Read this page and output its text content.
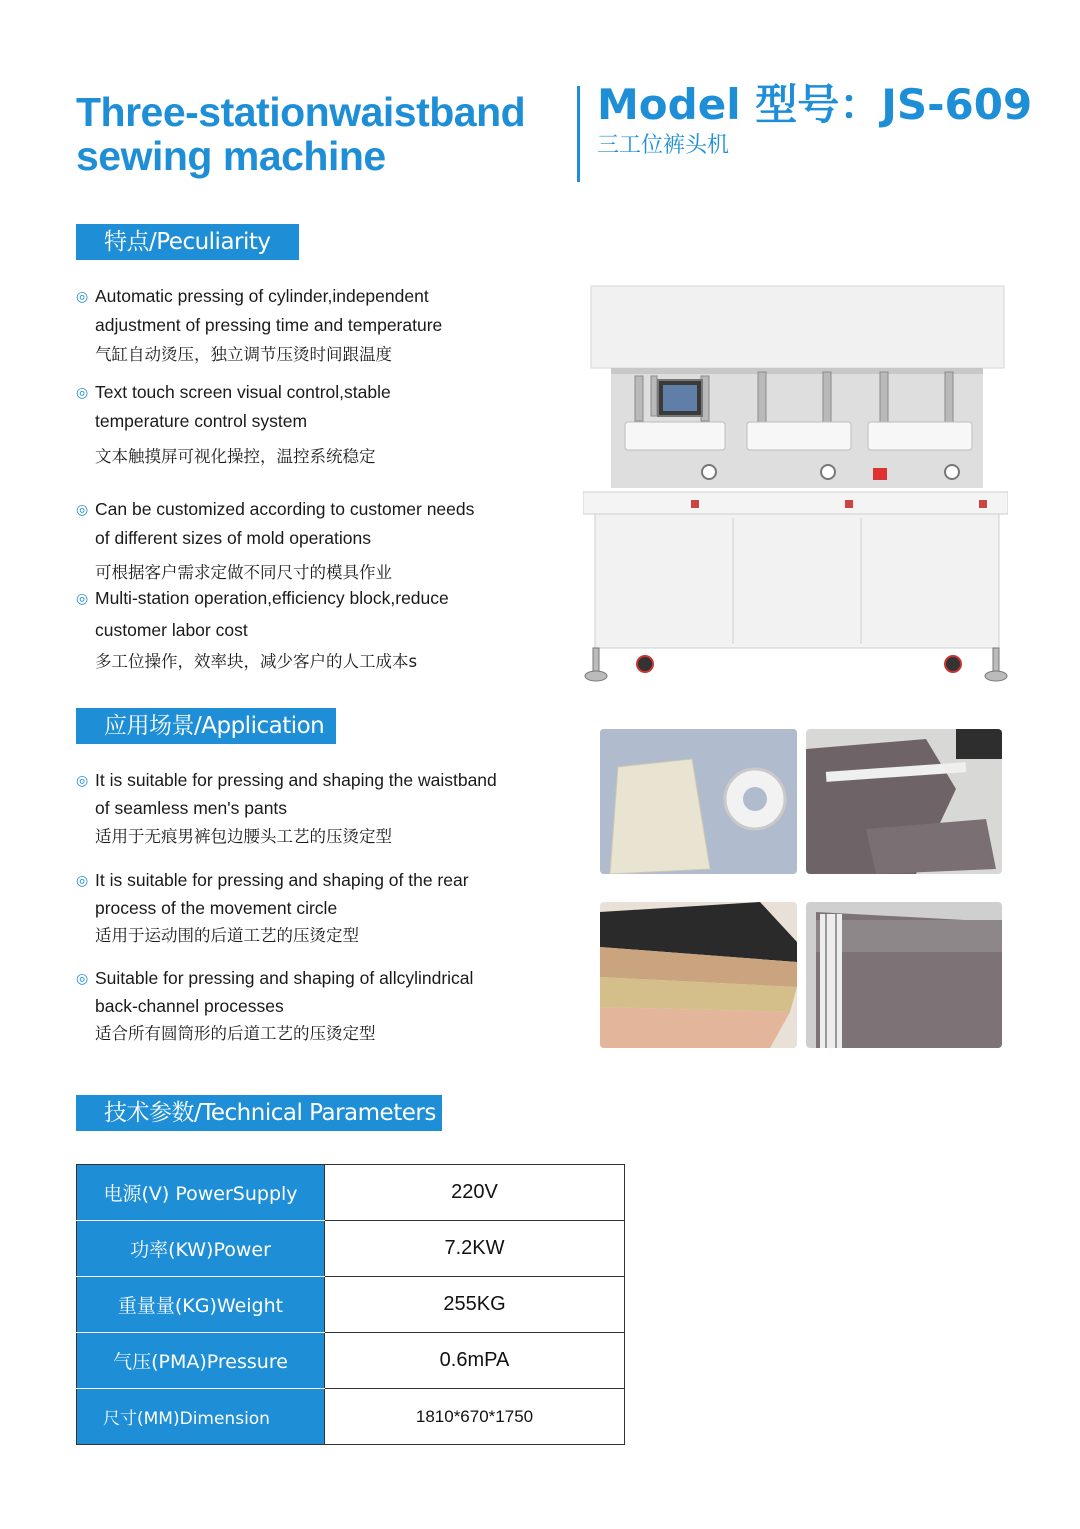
Three-stationwaistband
sewing machine
Model 型号：JS-609
三工位裤头机
特点/Peculiarity
◎ Automatic pressing of cylinder,independent
adjustment of pressing time and temperature
气缸自动烫压，独立调节压烫时间跟温度
◎ Text touch screen visual control,stable
temperature control system
文本触摸屏可视化操控，温控系统稳定
◎ Can be customized according to customer needs
of different sizes of mold operations
可根据客户需求定做不同尺寸的模具作业
◎ Multi-station operation,efficiency block,reduce
customer labor cost
多工位操作，效率块，减少客户的人工成本s
应用场景/Application
◎ It is suitable for pressing and shaping the waistband
of seamless men's pants
适用于无痕男裤包边腰头工艺的压烫定型
◎ It is suitable for pressing and shaping of the rear
process of the movement circle
适用于运动围的后道工艺的压烫定型
◎ Suitable for pressing and shaping of allcylindrical
back-channel processes
适合所有圆筒形的后道工艺的压烫定型
技术参数/Technical Parameters
电源(V) PowerSupply	220V
功率(KW)Power	7.2KW
重量量(KG)Weight	255KG
气压(PMA)Pressure	0.6mPA
尺寸(MM)Dimension	1810*670*1750
